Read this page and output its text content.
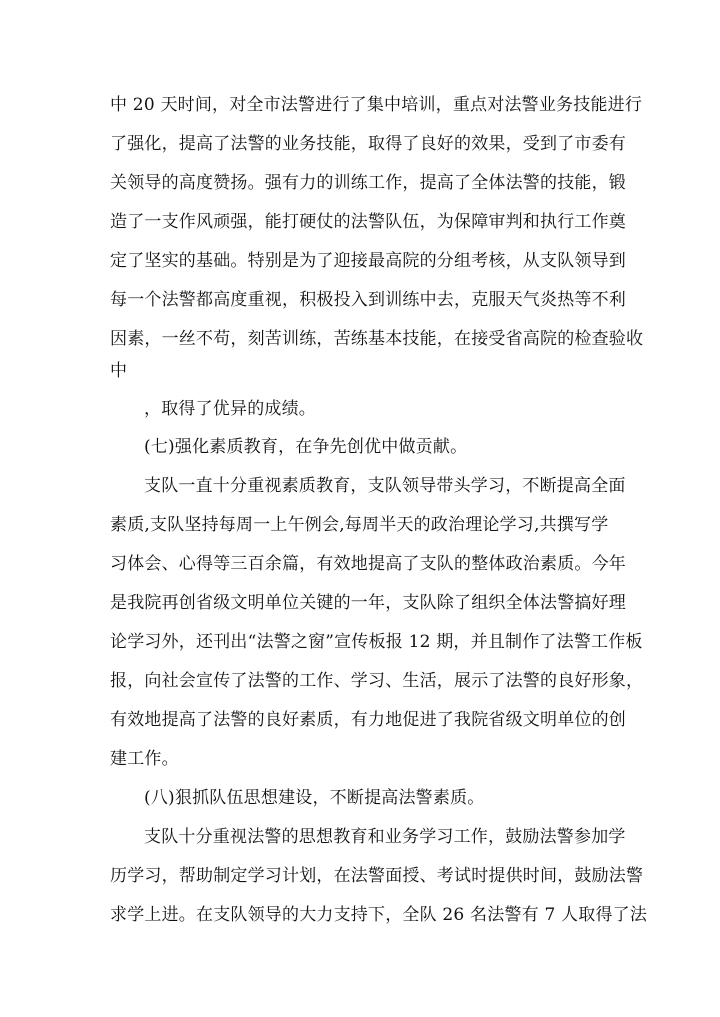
中 20 天时间，对全市法警进行了集中培训，重点对法警业务技能进行
了强化，提高了法警的业务技能，取得了良好的效果，受到了市委有
关领导的高度赞扬。强有力的训练工作，提高了全体法警的技能，锻
造了一支作风顽强，能打硬仗的法警队伍，为保障审判和执行工作奠
定了坚实的基础。特别是为了迎接最高院的分组考核，从支队领导到
每一个法警都高度重视，积极投入到训练中去，克服天气炎热等不利
因素，一丝不苟，刻苦训练，苦练基本技能，在接受省高院的检查验收
中
，取得了优异的成绩。
(七)强化素质教育，在争先创优中做贡献。
支队一直十分重视素质教育，支队领导带头学习，不断提高全面
素质,支队坚持每周一上午例会,每周半天的政治理论学习,共撰写学
习体会、心得等三百余篇，有效地提高了支队的整体政治素质。今年
是我院再创省级文明单位关键的一年，支队除了组织全体法警搞好理
论学习外，还刊出“法警之窗”宣传板报 12 期，并且制作了法警工作板
报，向社会宣传了法警的工作、学习、生活，展示了法警的良好形象，
有效地提高了法警的良好素质，有力地促进了我院省级文明单位的创
建工作。
(八)狠抓队伍思想建设，不断提高法警素质。
支队十分重视法警的思想教育和业务学习工作，鼓励法警参加学
历学习，帮助制定学习计划，在法警面授、考试时提供时间，鼓励法警
求学上进。在支队领导的大力支持下，全队 26 名法警有 7 人取得了法
